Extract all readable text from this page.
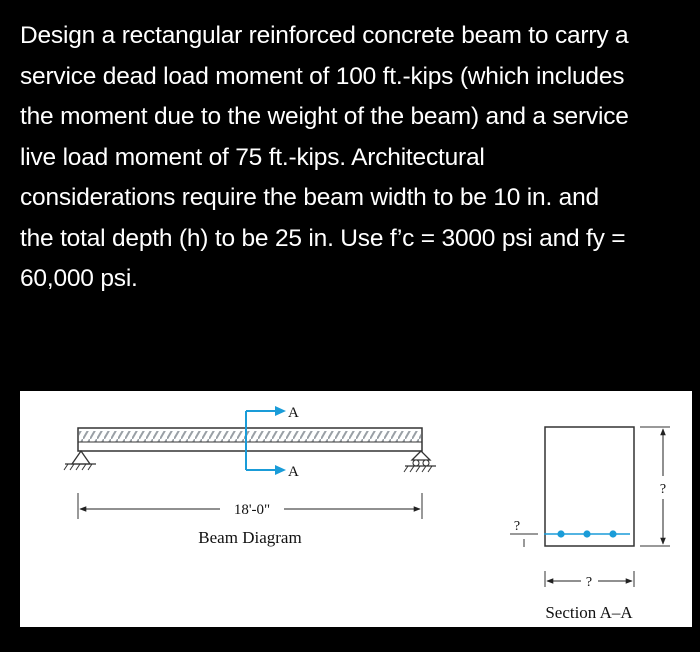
Design a rectangular reinforced concrete beam to carry a
service dead load moment of 100 ft.-kips (which includes
the moment due to the weight of the beam) and a service
live load moment of 75 ft.-kips. Architectural
considerations require the beam width to be 10 in. and
the total depth (h) to be 25 in. Use f’c = 3000 psi and fy =
60,000 psi.
A
A
18'-0"
Beam Diagram
?
?
?
Section A–A
